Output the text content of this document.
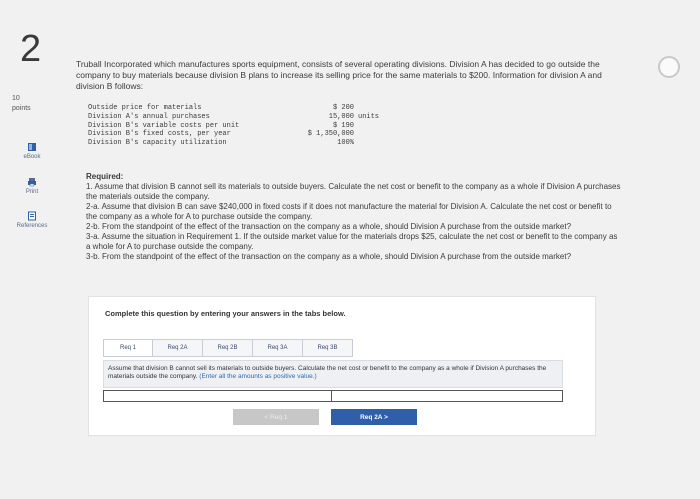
2
10
points
eBook
Print
References
Truball Incorporated which manufactures sports equipment, consists of several operating divisions. Division A has decided to go outside the company to buy materials because division B plans to increase its selling price for the same materials to $200. Information for division A and division B follows:
Outside price for materials	$ 200	
Division A's annual purchases	15,000	units
Division B's variable costs per unit	$ 190	
Division B's fixed costs, per year	$ 1,350,000	
Division B's capacity utilization	100%	
Required:
1. Assume that division B cannot sell its materials to outside buyers. Calculate the net cost or benefit to the company as a whole if Division A purchases the materials outside the company.
2-a. Assume that division B can save $240,000 in fixed costs if it does not manufacture the material for Division A. Calculate the net cost or benefit to the company as a whole for A to purchase outside the company.
2-b. From the standpoint of the effect of the transaction on the company as a whole, should Division A purchase from the outside market?
3-a. Assume the situation in Requirement 1. If the outside market value for the materials drops $25, calculate the net cost or benefit to the company as a whole for A to purchase outside the company.
3-b. From the standpoint of the effect of the transaction on the company as a whole, should Division A purchase from the outside market?
Complete this question by entering your answers in the tabs below.
Req 1	Req 2A	Req 2B	Req 3A	Req 3B
Assume that division B cannot sell its materials to outside buyers. Calculate the net cost or benefit to the company as a whole if Division A purchases the materials outside the company. (Enter all the amounts as positive value.)
< Req 1	Req 2A >
